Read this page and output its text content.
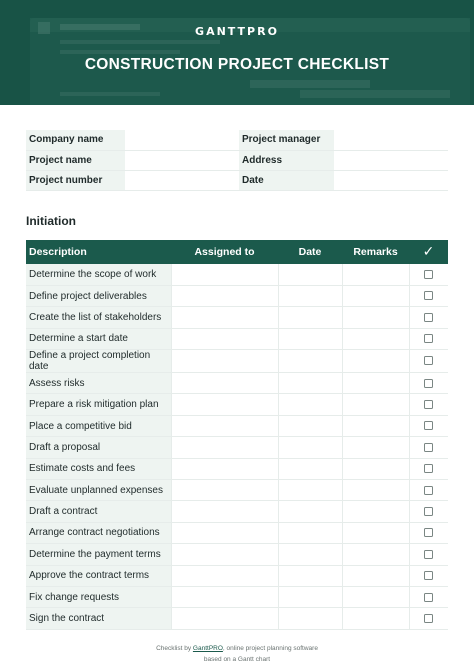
GANTTPRO
CONSTRUCTION PROJECT CHECKLIST
Company name		Project manager	
Project name		Address	
Project number		Date	
Initiation
Description	Assigned to	Date	Remarks	✓
Determine the scope of work				
Define project deliverables				
Create the list of stakeholders				
Determine a start date				
Define a project completion date				
Assess risks				
Prepare a risk mitigation plan				
Place a competitive bid				
Draft a proposal				
Estimate costs and fees				
Evaluate unplanned expenses				
Draft a contract				
Arrange contract negotiations				
Determine the payment terms				
Approve the contract terms				
Fix change requests				
Sign the contract				
Checklist by GanttPRO, online project planning software
based on a Gantt chart
